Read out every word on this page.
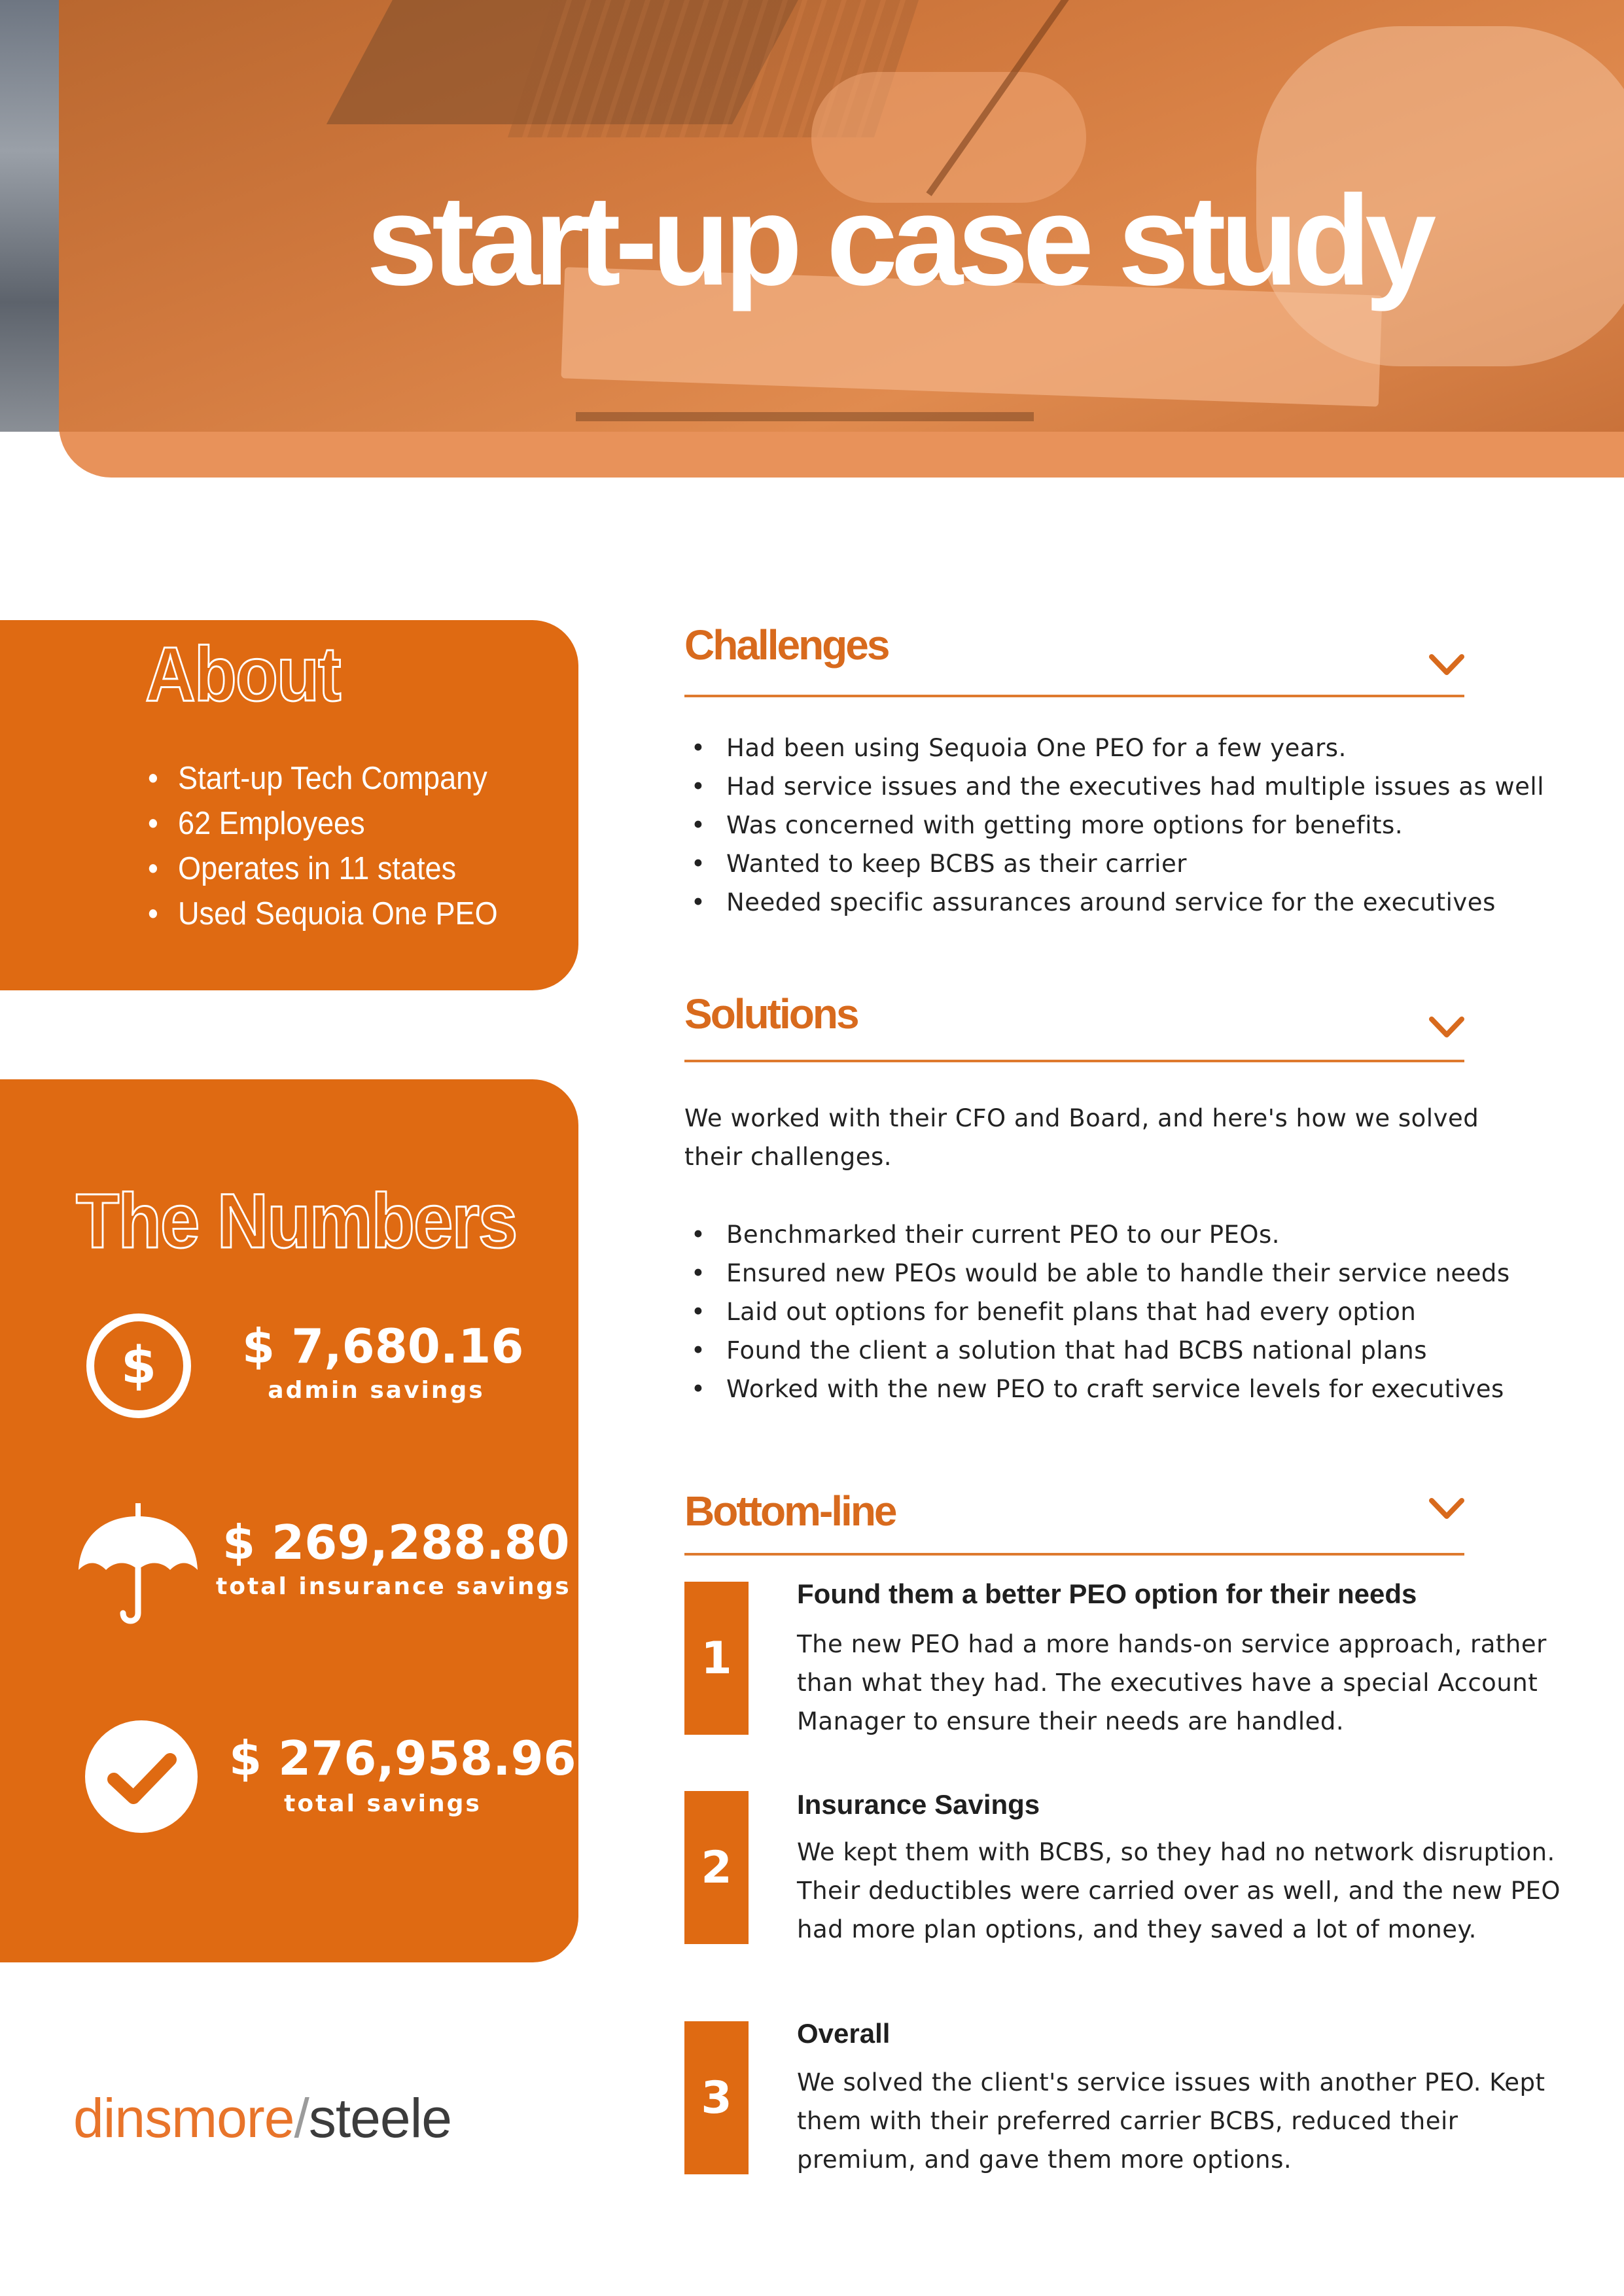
start-up case study
About
• Start-up Tech Company
• 62 Employees
• Operates in 11 states
• Used Sequoia One PEO
The Numbers
$ $ 7,680.16
admin savings
$ 269,288.80
total insurance savings
$ 276,958.96
total savings
dinsmore/steele
Challenges
• Had been using Sequoia One PEO for a few years.
• Had service issues and the executives had multiple issues as well
• Was concerned with getting more options for benefits.
• Wanted to keep BCBS as their carrier
• Needed specific assurances around service for the executives
Solutions
We worked with their CFO and Board, and here's how we solved their challenges.
• Benchmarked their current PEO to our PEOs.
• Ensured new PEOs would be able to handle their service needs
• Laid out options for benefit plans that had every option
• Found the client a solution that had BCBS national plans
• Worked with the new PEO to craft service levels for executives
Bottom-line
1
Found them a better PEO option for their needs
The new PEO had a more hands-on service approach, rather than what they had. The executives have a special Account Manager to ensure their needs are handled.
2
Insurance Savings
We kept them with BCBS, so they had no network disruption. Their deductibles were carried over as well, and the new PEO had more plan options, and they saved a lot of money.
3
Overall
We solved the client's service issues with another PEO. Kept them with their preferred carrier BCBS, reduced their premium, and gave them more options.
